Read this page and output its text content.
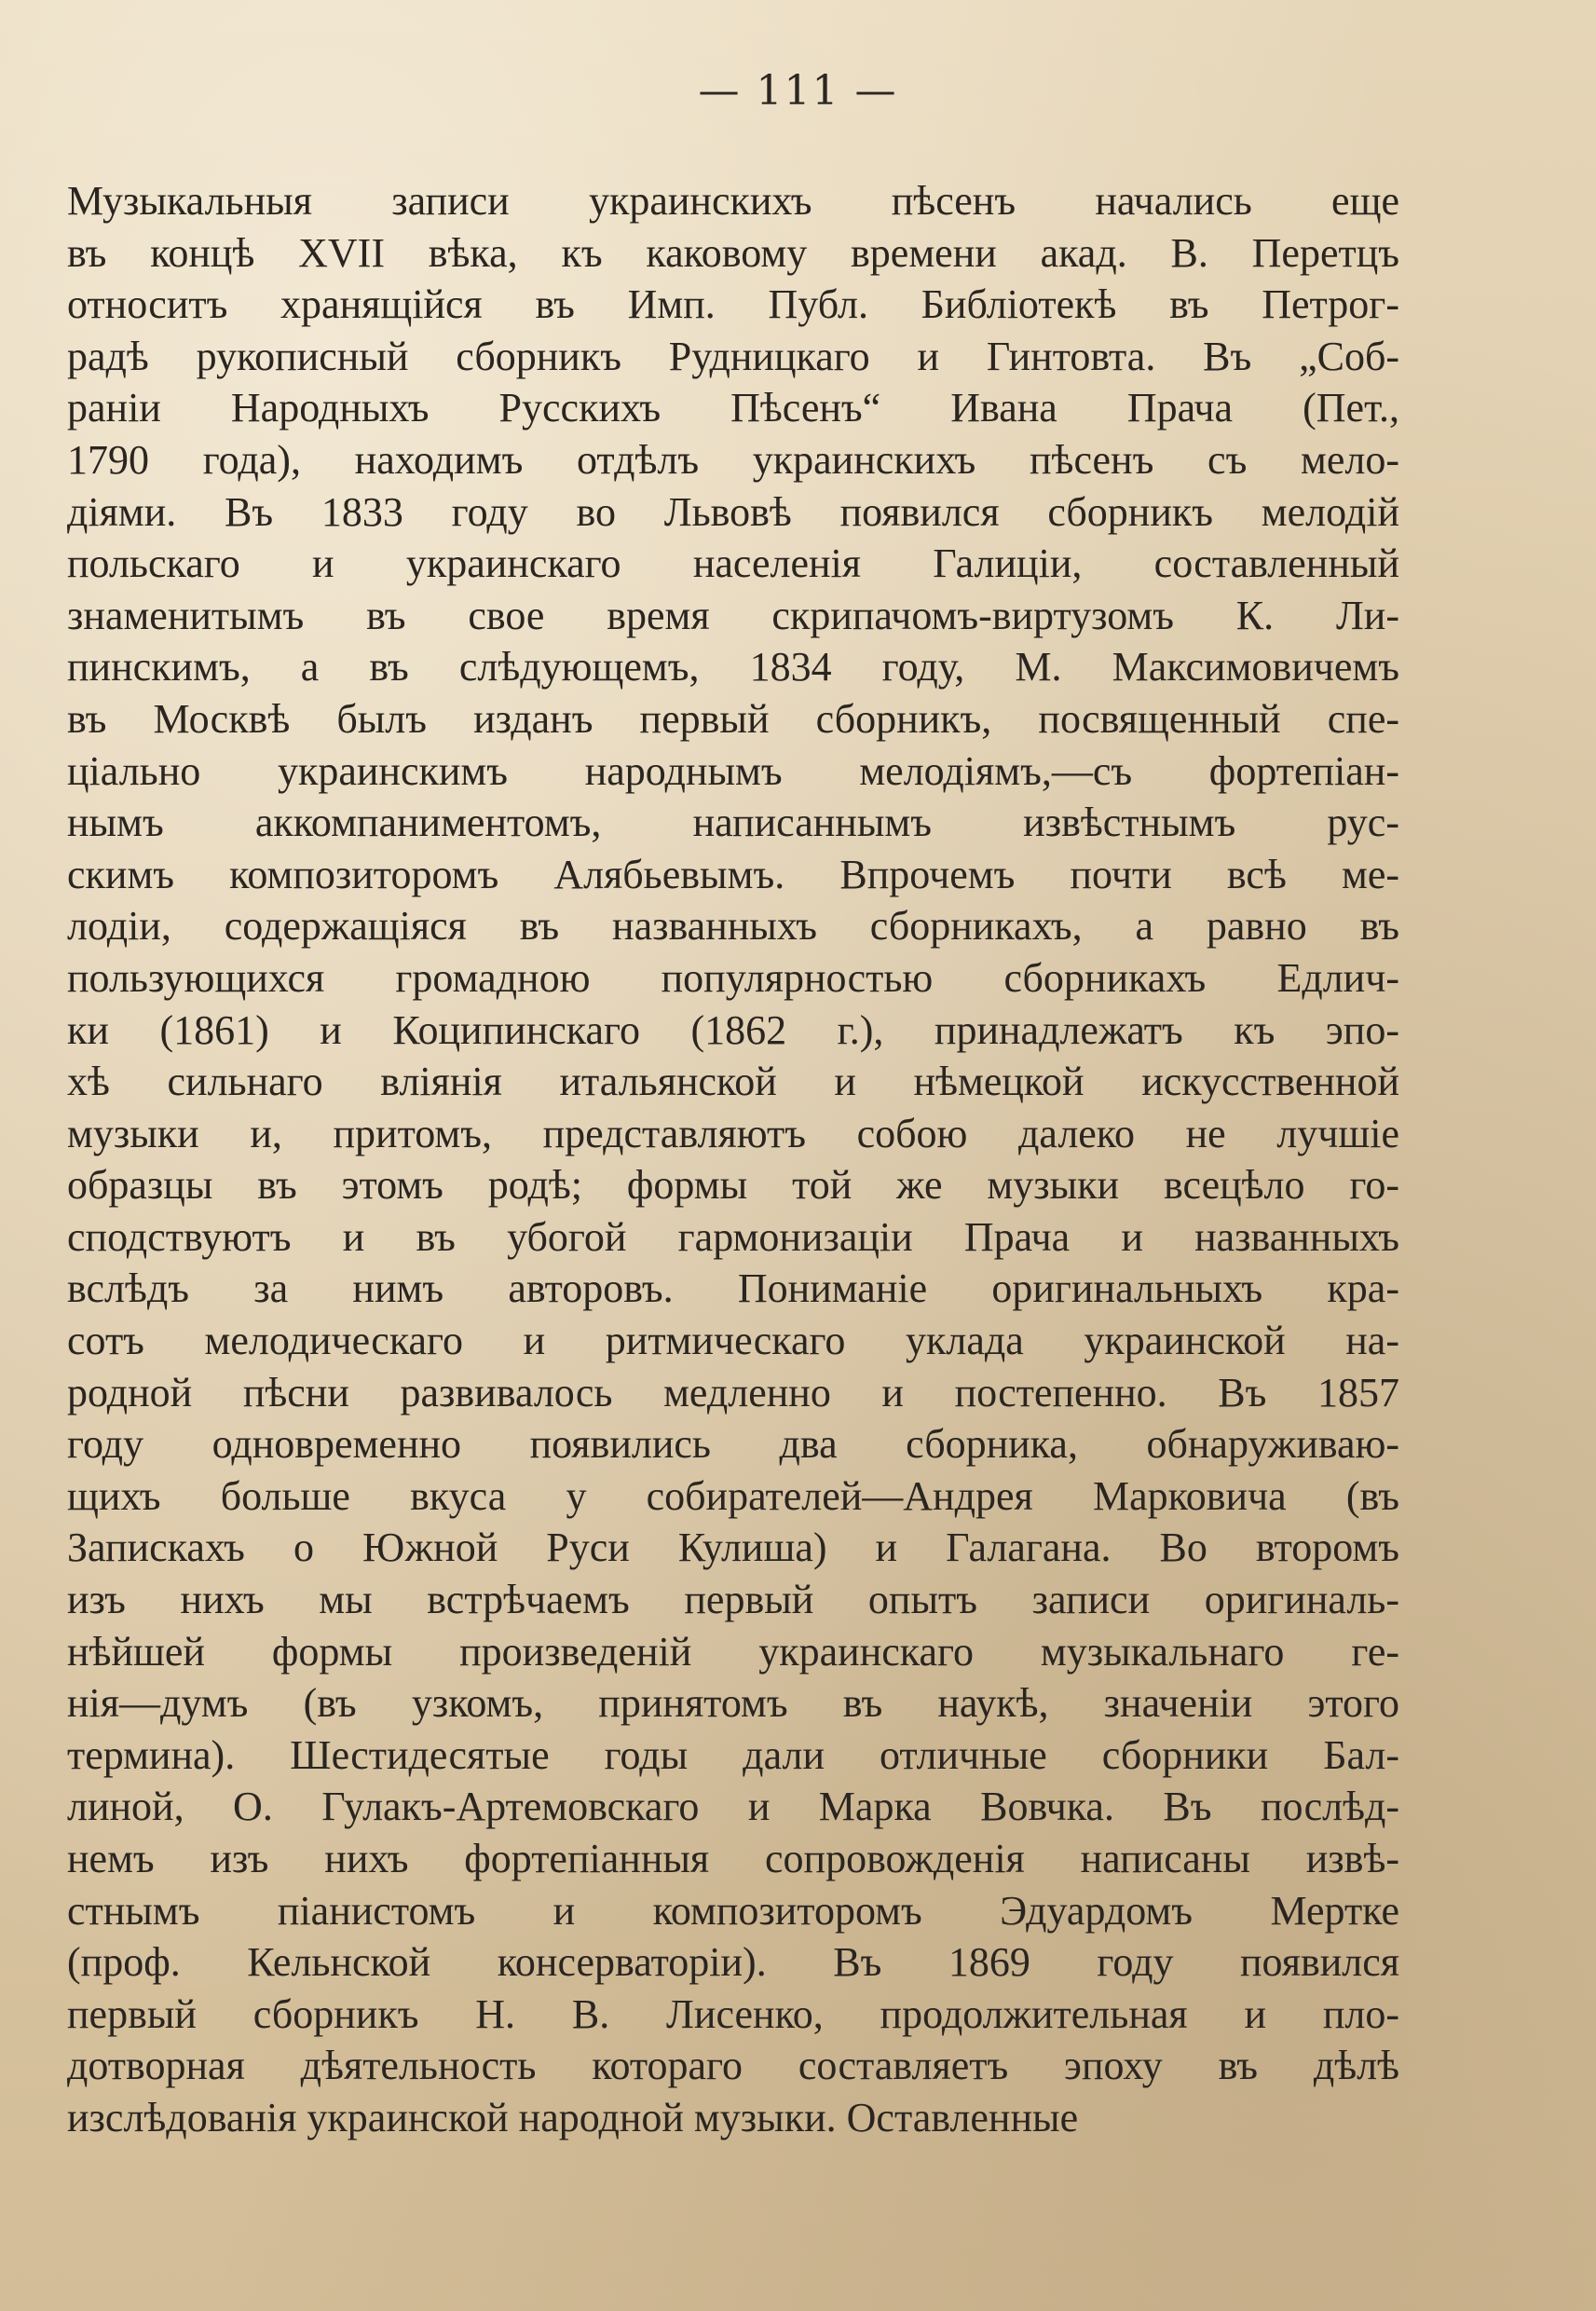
— 111 —
Музыкальныя записи украинскихъ пѣсенъ начались еще
въ концѣ XVII вѣка, къ каковому времени акад. В. Перетцъ
относитъ хранящійся въ Имп. Публ. Библіотекѣ въ Петрог-
радѣ рукописный сборникъ Рудницкаго и Гинтовта. Въ „Соб-
раніи Народныхъ Русскихъ Пѣсенъ“ Ивана Прача (Пет.,
1790 года), находимъ отдѣлъ украинскихъ пѣсенъ съ мело-
діями. Въ 1833 году во Львовѣ появился сборникъ мелодій
польскаго и украинскаго населенія Галиціи, составленный
знаменитымъ въ свое время скрипачомъ-виртузомъ К. Ли-
пинскимъ, а въ слѣдующемъ, 1834 году, М. Максимовичемъ
въ Москвѣ былъ изданъ первый сборникъ, посвященный спе-
ціально украинскимъ народнымъ мелодіямъ,—съ фортепіан-
нымъ аккомпаниментомъ, написаннымъ извѣстнымъ рус-
скимъ композиторомъ Алябьевымъ. Впрочемъ почти всѣ ме-
лодіи, содержащіяся въ названныхъ сборникахъ, а равно въ
пользующихся громадною популярностью сборникахъ Едлич-
ки (1861) и Коципинскаго (1862 г.), принадлежатъ къ эпо-
хѣ сильнаго вліянія итальянской и нѣмецкой искусственной
музыки и, притомъ, представляютъ собою далеко не лучшіе
образцы въ этомъ родѣ; формы той же музыки всецѣло го-
сподствуютъ и въ убогой гармонизаціи Прача и названныхъ
вслѣдъ за нимъ авторовъ. Пониманіе оригинальныхъ кра-
сотъ мелодическаго и ритмическаго уклада украинской на-
родной пѣсни развивалось медленно и постепенно. Въ 1857
году одновременно появились два сборника, обнаруживаю-
щихъ больше вкуса у собирателей—Андрея Марковича (въ
Запискахъ о Южной Руси Кулиша) и Галагана. Во второмъ
изъ нихъ мы встрѣчаемъ первый опытъ записи оригиналь-
нѣйшей формы произведеній украинскаго музыкальнаго ге-
нія—думъ (въ узкомъ, принятомъ въ наукѣ, значеніи этого
термина). Шестидесятые годы дали отличные сборники Бал-
линой, О. Гулакъ-Артемовскаго и Марка Вовчка. Въ послѣд-
немъ изъ нихъ фортепіанныя сопровожденія написаны извѣ-
стнымъ піанистомъ и композиторомъ Эдуардомъ Мертке
(проф. Кельнской консерваторіи). Въ 1869 году появился
первый сборникъ Н. В. Лисенко, продолжительная и пло-
дотворная дѣятельность котораго составляетъ эпоху въ дѣлѣ
изслѣдованія украинской народной музыки. Оставленные
